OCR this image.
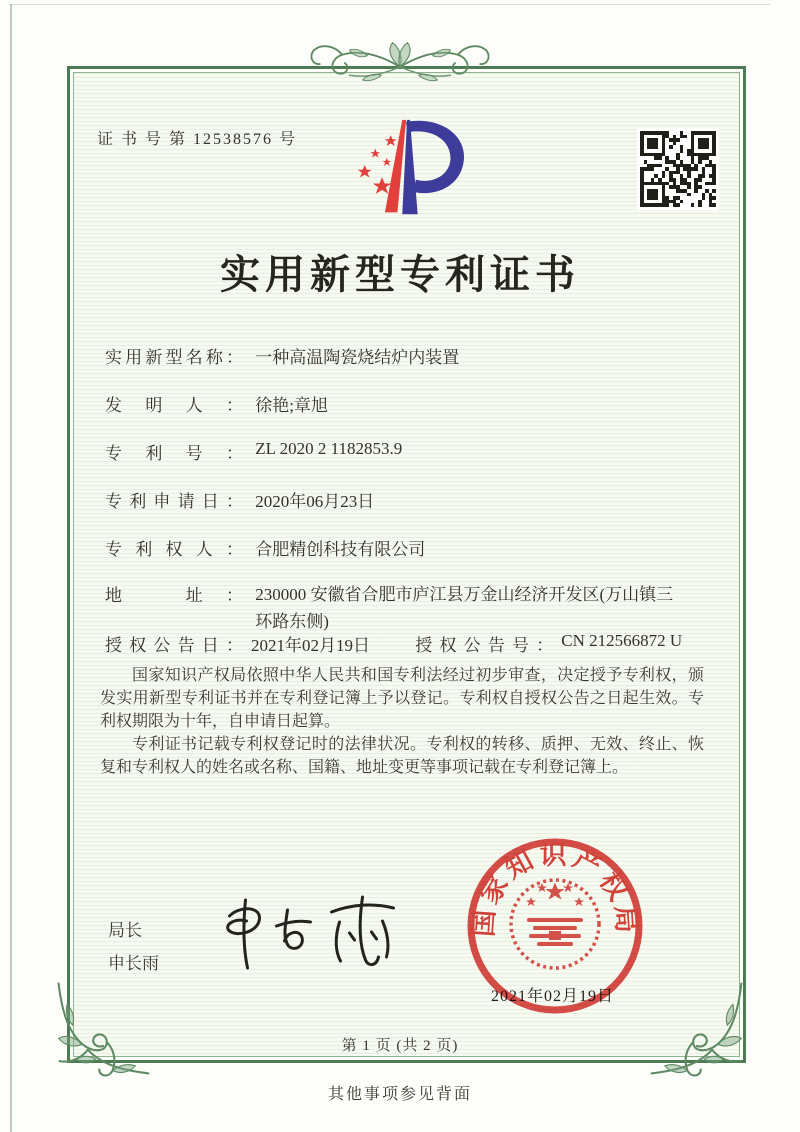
证 书 号 第 12538576 号
实用新型专利证书
实用新型名称： 一种高温陶瓷烧结炉内装置
发明人： 徐艳;章旭
专利号： ZL 2020 2 1182853.9
专利申请日： 2020年06月23日
专利权人： 合肥精创科技有限公司
地　址： 230000 安徽省合肥市庐江县万金山经济开发区(万山镇三环路东侧)
授权公告日： 2021年02月19日	授权公告号： CN 212566872 U

国家知识产权局依照中华人民共和国专利法经过初步审查，决定授予专利权，颁发实用新型专利证书并在专利登记簿上予以登记。专利权自授权公告之日起生效。专利权期限为十年，自申请日起算。

专利证书记载专利权登记时的法律状况。专利权的转移、质押、无效、终止、恢复和专利权人的姓名或名称、国籍、地址变更等事项记载在专利登记簿上。

局长
申长雨
2021年02月19日
国家知识产权局
第 1 页 (共 2 页)
其他事项参见背面
